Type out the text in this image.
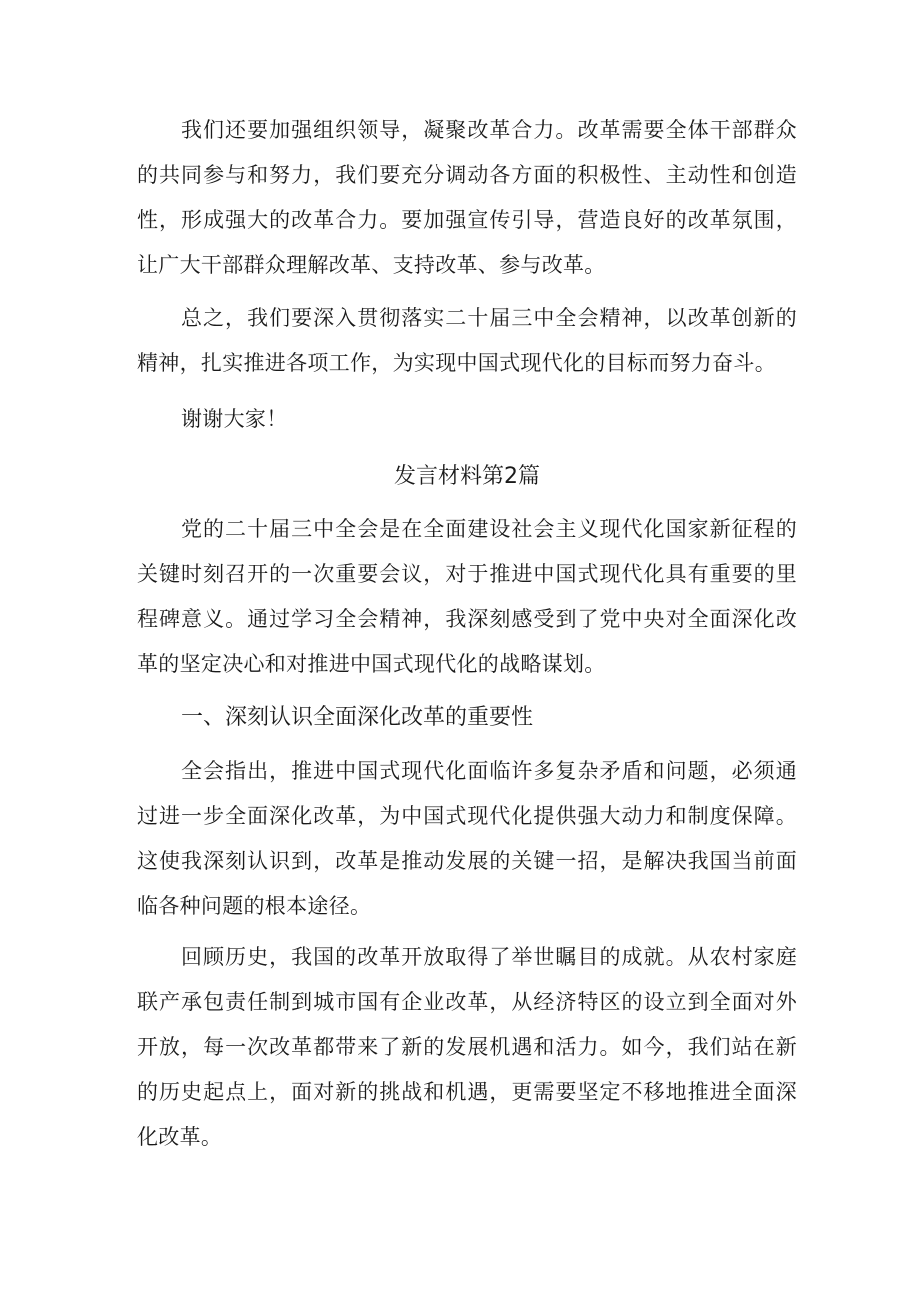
我们还要加强组织领导，凝聚改革合力。改革需要全体干部群众的共同参与和努力，我们要充分调动各方面的积极性、主动性和创造性，形成强大的改革合力。要加强宣传引导，营造良好的改革氛围，让广大干部群众理解改革、支持改革、参与改革。

总之，我们要深入贯彻落实二十届三中全会精神，以改革创新的精神，扎实推进各项工作，为实现中国式现代化的目标而努力奋斗。

谢谢大家！

发言材料第2篇

党的二十届三中全会是在全面建设社会主义现代化国家新征程的关键时刻召开的一次重要会议，对于推进中国式现代化具有重要的里程碑意义。通过学习全会精神，我深刻感受到了党中央对全面深化改革的坚定决心和对推进中国式现代化的战略谋划。

一、深刻认识全面深化改革的重要性

全会指出，推进中国式现代化面临许多复杂矛盾和问题，必须通过进一步全面深化改革，为中国式现代化提供强大动力和制度保障。这使我深刻认识到，改革是推动发展的关键一招，是解决我国当前面临各种问题的根本途径。

回顾历史，我国的改革开放取得了举世瞩目的成就。从农村家庭联产承包责任制到城市国有企业改革，从经济特区的设立到全面对外开放，每一次改革都带来了新的发展机遇和活力。如今，我们站在新的历史起点上，面对新的挑战和机遇，更需要坚定不移地推进全面深化改革。
